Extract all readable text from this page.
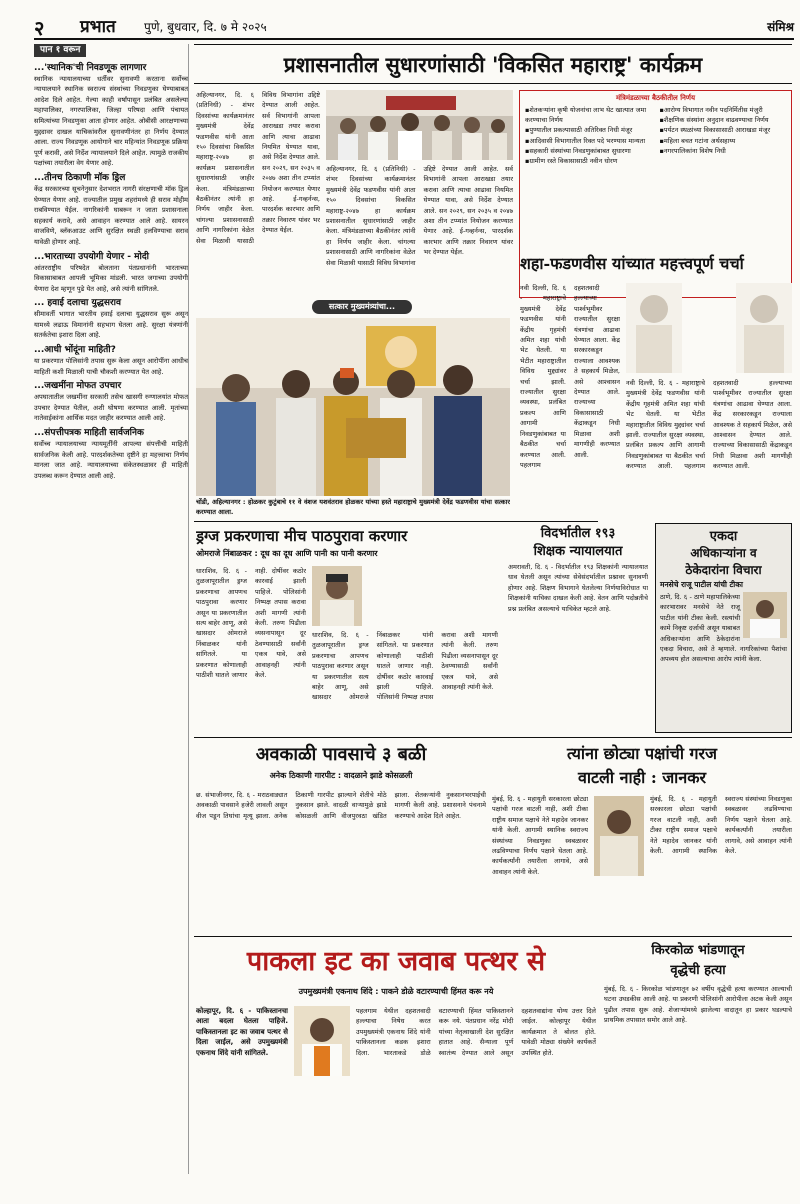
२ प्रभात पुणे, बुधवार, दि. ७ मे २०२५	संमिश्र
पान १ वरून
...'स्थानिक'ची निवडणूक लागणार

स्थानिक न्यायालयाच्या धर्तीवर सुनावणी करताना सर्वोच्च न्यायालयाने स्थानिक स्वराज्य संस्थांच्या निवडणुका घेण्याबाबत आदेश दिले आहेत. गेल्या काही वर्षांपासून प्रलंबित असलेल्या महापालिका, नगरपालिका, जिल्हा परिषदा आणि पंचायत समित्यांच्या निवडणुका आता होणार आहेत. ओबीसी आरक्षणाच्या मुद्द्यावर दाखल याचिकांवरील सुनावणीनंतर हा निर्णय देण्यात आला. राज्य निवडणूक आयोगाने चार महिन्यांत निवडणूक प्रक्रिया पूर्ण करावी, असे निर्देश न्यायालयाने दिले आहेत. त्यामुळे राजकीय पक्षांच्या तयारीला वेग येणार आहे.

...तीनच ठिकाणी मॉक ड्रिल

केंद्र सरकारच्या सूचनेनुसार देशभरात नागरी संरक्षणाची मॉक ड्रिल घेण्यात येणार आहे. राज्यातील प्रमुख शहरांमध्ये ही सराव मोहीम राबविण्यात येईल. नागरिकांनी घाबरून न जाता प्रशासनाला सहकार्य करावे, असे आवाहन करण्यात आले आहे. सायरन वाजविणे, ब्लॅकआउट आणि सुरक्षित स्थळी हलविण्याचा सराव यावेळी होणार आहे.

...भारताच्या उपयोगी येणार - मोदी

आंतरराष्ट्रीय परिषदेत बोलताना पंतप्रधानांनी भारताच्या विकासाबाबत आपली भूमिका मांडली. भारत जगाच्या उपयोगी येणारा देश म्हणून पुढे येत आहे, असे त्यांनी सांगितले.

... हवाई दलाचा युद्धसराव

सीमावर्ती भागात भारतीय हवाई दलाचा युद्धसराव सुरू असून यामध्ये लढाऊ विमानांनी सहभाग घेतला आहे. सुरक्षा यंत्रणांनी सतर्कतेचा इशारा दिला आहे.

...आधी भोंदूंना माहिती?

या प्रकरणात पोलिसांनी तपास सुरू केला असून आरोपींना आधीच माहिती कशी मिळाली याची चौकशी करण्यात येत आहे.

...जखमींना मोफत उपचार

अपघातातील जखमींना सरकारी तसेच खासगी रुग्णालयांत मोफत उपचार देण्यात येतील, अशी घोषणा करण्यात आली. मृतांच्या नातेवाईकांना आर्थिक मदत जाहीर करण्यात आली आहे.

...संपत्तीपत्रक माहिती सार्वजनिक

सर्वोच्च न्यायालयाच्या न्यायमूर्तींनी आपल्या संपत्तीची माहिती सार्वजनिक केली आहे. पारदर्शकतेच्या दृष्टीने हा महत्त्वाचा निर्णय मानला जात आहे. न्यायालयाच्या संकेतस्थळावर ही माहिती उपलब्ध करून देण्यात आली आहे.

प्रशासनातील सुधारणांसाठी 'विकसित महाराष्ट्र' कार्यक्रम
अहिल्यानगर, दि. ६ (प्रतिनिधी) - शंभर दिवसांच्या कार्यक्रमानंतर मुख्यमंत्री देवेंद्र फडणवीस यांनी आता १५० दिवसांचा विकसित महाराष्ट्र-२०४७ हा कार्यक्रम प्रशासनातील सुधारणांसाठी जाहीर केला. मंत्रिमंडळाच्या बैठकीनंतर त्यांनी हा निर्णय जाहीर केला. चांगल्या प्रशासनासाठी आणि नागरिकांना वेळेत सेवा मिळावी यासाठी विविध विभागांना उद्दिष्टे देण्यात आली आहेत. सर्व विभागांनी आपला आराखडा तयार करावा आणि त्याचा आढावा नियमित घेण्यात यावा, असे निर्देश देण्यात आले. सन २०२९, सन २०३५ व २०४७ अशा तीन टप्प्यांत नियोजन करण्यात येणार आहे. ई-गव्हर्नन्स, पारदर्शक कारभार आणि तक्रार निवारण यांवर भर देण्यात येईल.
अहिल्यानगर, दि. ६ (प्रतिनिधी) - शंभर दिवसांच्या कार्यक्रमानंतर मुख्यमंत्री देवेंद्र फडणवीस यांनी आता १५० दिवसांचा विकसित महाराष्ट्र-२०४७ हा कार्यक्रम प्रशासनातील सुधारणांसाठी जाहीर केला. मंत्रिमंडळाच्या बैठकीनंतर त्यांनी हा निर्णय जाहीर केला. चांगल्या प्रशासनासाठी आणि नागरिकांना वेळेत सेवा मिळावी यासाठी विविध विभागांना उद्दिष्टे देण्यात आली आहेत. सर्व विभागांनी आपला आराखडा तयार करावा आणि त्याचा आढावा नियमित घेण्यात यावा, असे निर्देश देण्यात आले. सन २०२९, सन २०३५ व २०४७ अशा तीन टप्प्यांत नियोजन करण्यात येणार आहे. ई-गव्हर्नन्स, पारदर्शक कारभार आणि तक्रार निवारण यांवर भर देण्यात येईल.
मंत्रिमंडळाच्या बैठकीतील निर्णय
▪ शेतकऱ्यांना कृषी योजनांचा लाभ थेट खात्यात जमा करण्याचा निर्णय
▪ पुण्यातील प्रकल्पासाठी अतिरिक्त निधी मंजूर
▪ आदिवासी विभागातील रिक्त पदे भरण्यास मान्यता
▪ सहकारी संस्थांच्या निवडणुकांबाबत सुधारणा
▪ ग्रामीण रस्ते विकासासाठी नवीन धोरण
▪ आरोग्य विभागात नवीन पदनिर्मितीस मंजुरी
▪ शैक्षणिक संस्थांना अनुदान वाढवण्याचा निर्णय
▪ पर्यटन स्थळांच्या विकासासाठी आराखडा मंजूर
▪ महिला बचत गटांना अर्थसहाय्य
▪ नगरपालिकांना विशेष निधी
सत्कार मुख्यमंत्र्यांचा...
चोंडी, अहिल्यानगर : होळकर कुटुंबाचे ११ वे वंशज यशवंतराव होळकर यांच्या हस्ते महाराष्ट्राचे मुख्यमंत्री देवेंद्र फडणवीस यांचा सत्कार करण्यात आला.
शहा-फडणवीस यांच्यात महत्त्वपूर्ण चर्चा
नवी दिल्ली, दि. ६ - महाराष्ट्राचे मुख्यमंत्री देवेंद्र फडणवीस यांनी केंद्रीय गृहमंत्री अमित शहा यांची भेट घेतली. या भेटीत महाराष्ट्रातील विविध मुद्द्यांवर चर्चा झाली. राज्यातील सुरक्षा व्यवस्था, प्रलंबित प्रकल्प आणि आगामी निवडणुकांबाबत या बैठकीत चर्चा करण्यात आली. पहलगाम दहशतवादी हल्ल्याच्या पार्श्वभूमीवर राज्यातील सुरक्षा यंत्रणांचा आढावा घेण्यात आला. केंद्र सरकारकडून राज्याला आवश्यक ते सहकार्य मिळेल, असे आश्वासन देण्यात आले. राज्याच्या विकासासाठी केंद्राकडून निधी मिळावा अशी मागणीही करण्यात आली.
नवी दिल्ली, दि. ६ - महाराष्ट्राचे मुख्यमंत्री देवेंद्र फडणवीस यांनी केंद्रीय गृहमंत्री अमित शहा यांची भेट घेतली. या भेटीत महाराष्ट्रातील विविध मुद्द्यांवर चर्चा झाली. राज्यातील सुरक्षा व्यवस्था, प्रलंबित प्रकल्प आणि आगामी निवडणुकांबाबत या बैठकीत चर्चा करण्यात आली. पहलगाम दहशतवादी हल्ल्याच्या पार्श्वभूमीवर राज्यातील सुरक्षा यंत्रणांचा आढावा घेण्यात आला. केंद्र सरकारकडून राज्याला आवश्यक ते सहकार्य मिळेल, असे आश्वासन देण्यात आले. राज्याच्या विकासासाठी केंद्राकडून निधी मिळावा अशी मागणीही करण्यात आली.
ड्रग्ज प्रकरणाचा मीच पाठपुरावा करणार
ओमराजे निंबाळकर : दूध का दूध आणि पानी का पानी करणार
धाराशिव, दि. ६ - तुळजापूरातील ड्रग्ज प्रकरणाचा आपणच पाठपुरावा करणार असून या प्रकरणातील सत्य बाहेर आणू, असे खासदार ओमराजे निंबाळकर यांनी सांगितले. या प्रकरणात कोणालाही पाठीशी घातले जाणार नाही. दोषींवर कठोर कारवाई झाली पाहिजे. पोलिसांनी निष्पक्ष तपास करावा अशी मागणी त्यांनी केली. तरुण पिढीला व्यसनापासून दूर ठेवण्यासाठी सर्वांनी एकत्र यावे, असे आवाहनही त्यांनी केले.
धाराशिव, दि. ६ - तुळजापूरातील ड्रग्ज प्रकरणाचा आपणच पाठपुरावा करणार असून या प्रकरणातील सत्य बाहेर आणू, असे खासदार ओमराजे निंबाळकर यांनी सांगितले. या प्रकरणात कोणालाही पाठीशी घातले जाणार नाही. दोषींवर कठोर कारवाई झाली पाहिजे. पोलिसांनी निष्पक्ष तपास करावा अशी मागणी त्यांनी केली. तरुण पिढीला व्यसनापासून दूर ठेवण्यासाठी सर्वांनी एकत्र यावे, असे आवाहनही त्यांनी केले.
विदर्भातील १९३
शिक्षक न्यायालयात
अमरावती, दि. ६ - विदर्भातील १९३ शिक्षकांनी न्यायालयात धाव घेतली असून त्यांच्या सेवेसंदर्भातील प्रश्नावर सुनावणी होणार आहे. शिक्षण विभागाने घेतलेल्या निर्णयाविरोधात या शिक्षकांनी याचिका दाखल केली आहे. वेतन आणि पदोन्नतीचे प्रश्न प्रलंबित असल्याचे याचिकेत म्हटले आहे.
एकदा
अधिकाऱ्यांना व
ठेकेदारांना विचारा
मनसेचे राजू पाटील यांची टीका
ठाणे, दि. ६ - ठाणे महापालिकेच्या कारभारावर मनसेचे नेते राजू पाटील यांनी टीका केली. रस्त्यांची कामे निकृष्ट दर्जाची असून याबाबत अधिकाऱ्यांना आणि ठेकेदारांना एकदा विचारा, असे ते म्हणाले. नागरिकांच्या पैशांचा अपव्यय होत असल्याचा आरोप त्यांनी केला.
अवकाळी पावसाचे ३ बळी
अनेक ठिकाणी गारपीट : वादळाने झाडे कोसळली
छ. संभाजीनगर, दि. ६ - मराठवाड्यात अवकाळी पावसाने हजेरी लावली असून वीज पडून तिघांचा मृत्यू झाला. अनेक ठिकाणी गारपीट झाल्याने शेतीचे मोठे नुकसान झाले. वादळी वाऱ्यामुळे झाडे कोसळली आणि वीजपुरवठा खंडित झाला. शेतकऱ्यांनी नुकसानभरपाईची मागणी केली आहे. प्रशासनाने पंचनामे करण्याचे आदेश दिले आहेत.
त्यांना छोट्या पक्षांची गरज
वाटली नाही : जानकर
मुंबई, दि. ६ - महायुती सरकारला छोट्या पक्षांची गरज वाटली नाही, अशी टीका राष्ट्रीय समाज पक्षाचे नेते महादेव जानकर यांनी केली. आगामी स्थानिक स्वराज्य संस्थांच्या निवडणुका स्वबळावर लढविण्याचा निर्णय पक्षाने घेतला आहे. कार्यकर्त्यांनी तयारीला लागावे, असे आवाहन त्यांनी केले.
मुंबई, दि. ६ - महायुती सरकारला छोट्या पक्षांची गरज वाटली नाही, अशी टीका राष्ट्रीय समाज पक्षाचे नेते महादेव जानकर यांनी केली. आगामी स्थानिक स्वराज्य संस्थांच्या निवडणुका स्वबळावर लढविण्याचा निर्णय पक्षाने घेतला आहे. कार्यकर्त्यांनी तयारीला लागावे, असे आवाहन त्यांनी केले.
पाकला इट का जवाब पत्थर से
उपमुख्यमंत्री एकनाथ शिंदे : पाकने डोळे वटारण्याची हिंमत करू नये
कोल्हापूर, दि. ६ - पाकिस्तानचा आता बदला घेतला पाहिजे. पाकिस्तानला इट का जवाब पत्थर से दिला जाईल, असे उपमुख्यमंत्री एकनाथ शिंदे यांनी सांगितले.
पहलगाम येथील दहशतवादी हल्ल्याचा निषेध करत उपमुख्यमंत्री एकनाथ शिंदे यांनी पाकिस्तानला कडक इशारा दिला. भारताकडे डोळे वटारण्याची हिंमत पाकिस्तानने करू नये. पंतप्रधान नरेंद्र मोदी यांच्या नेतृत्वाखाली देश सुरक्षित हातात आहे. सैन्याला पूर्ण स्वातंत्र्य देण्यात आले असून दहशतवाद्यांना योग्य उत्तर दिले जाईल. कोल्हापूर येथील कार्यक्रमात ते बोलत होते. यावेळी मोठ्या संख्येने कार्यकर्ते उपस्थित होते.
किरकोळ भांडणातून
वृद्धेची हत्या
मुंबई, दि. ६ - किरकोळ भांडणातून ७२ वर्षीय वृद्धेची हत्या करण्यात आल्याची घटना उघडकीस आली आहे. या प्रकरणी पोलिसांनी आरोपीला अटक केली असून पुढील तपास सुरू आहे. शेजाऱ्यांमध्ये झालेल्या वादातून हा प्रकार घडल्याचे प्राथमिक तपासात समोर आले आहे.
